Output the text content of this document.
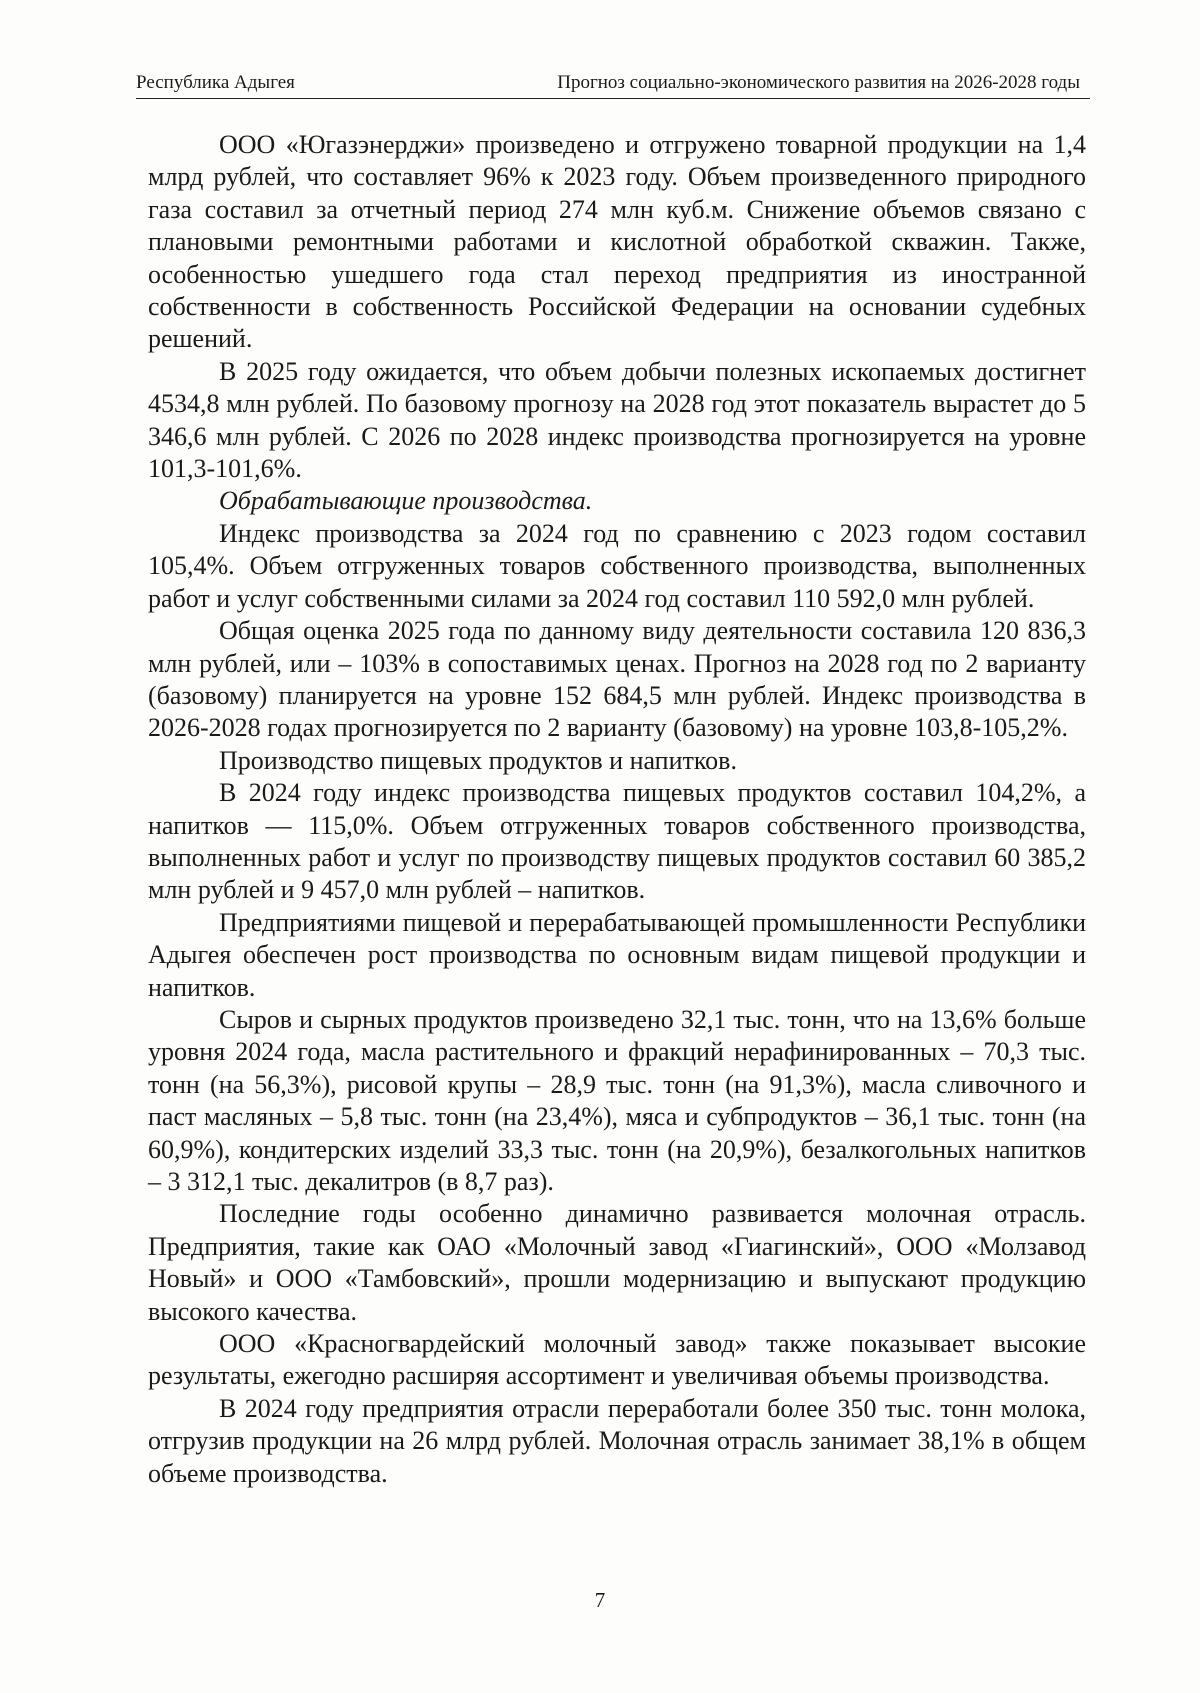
Республика Адыгея	Прогноз социально-экономического развития на 2026-2028 годы

ООО «Югазэнерджи» произведено и отгружено товарной продукции на 1,4 млрд рублей, что составляет 96% к 2023 году. Объем произведенного природного газа составил за отчетный период 274 млн куб.м. Снижение объемов связано с плановыми ремонтными работами и кислотной обработкой скважин. Также, особенностью ушедшего года стал переход предприятия из иностранной собственности в собственность Российской Федерации на основании судебных решений.

В 2025 году ожидается, что объем добычи полезных ископаемых достигнет 4534,8 млн рублей. По базовому прогнозу на 2028 год этот показатель вырастет до 5 346,6 млн рублей. С 2026 по 2028 индекс производства прогнозируется на уровне 101,3-101,6%.

Обрабатывающие производства.

Индекс производства за 2024 год по сравнению с 2023 годом составил 105,4%. Объем отгруженных товаров собственного производства, выполненных работ и услуг собственными силами за 2024 год составил 110 592,0 млн рублей.

Общая оценка 2025 года по данному виду деятельности составила 120 836,3 млн рублей, или – 103% в сопоставимых ценах. Прогноз на 2028 год по 2 варианту (базовому) планируется на уровне 152 684,5 млн рублей. Индекс производства в 2026-2028 годах прогнозируется по 2 варианту (базовому) на уровне 103,8-105,2%.

Производство пищевых продуктов и напитков.

В 2024 году индекс производства пищевых продуктов составил 104,2%, а напитков — 115,0%. Объем отгруженных товаров собственного производства, выполненных работ и услуг по производству пищевых продуктов составил 60 385,2 млн рублей и 9 457,0 млн рублей – напитков.

Предприятиями пищевой и перерабатывающей промышленности Республики Адыгея обеспечен рост производства по основным видам пищевой продукции и напитков.

Сыров и сырных продуктов произведено 32,1 тыс. тонн, что на 13,6% больше уровня 2024 года, масла растительного и фракций нерафинированных – 70,3 тыс. тонн (на 56,3%), рисовой крупы – 28,9 тыс. тонн (на 91,3%), масла сливочного и паст масляных – 5,8 тыс. тонн (на 23,4%), мяса и субпродуктов – 36,1 тыс. тонн (на 60,9%), кондитерских изделий 33,3 тыс. тонн (на 20,9%), безалкогольных напитков – 3 312,1 тыс. декалитров (в 8,7 раз).

Последние годы особенно динамично развивается молочная отрасль. Предприятия, такие как ОАО «Молочный завод «Гиагинский», ООО «Молзавод Новый» и ООО «Тамбовский», прошли модернизацию и выпускают продукцию высокого качества.

ООО «Красногвардейский молочный завод» также показывает высокие результаты, ежегодно расширяя ассортимент и увеличивая объемы производства.

В 2024 году предприятия отрасли переработали более 350 тыс. тонн молока, отгрузив продукции на 26 млрд рублей. Молочная отрасль занимает 38,1% в общем объеме производства.

7
